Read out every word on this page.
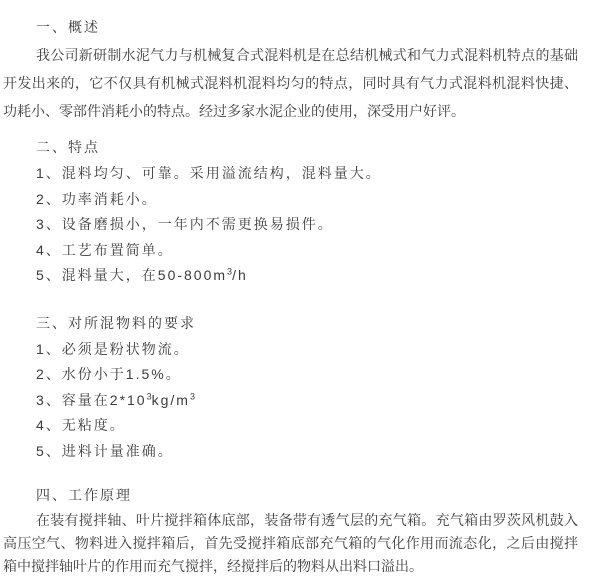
一、概述

我公司新研制水泥气力与机械复合式混料机是在总结机械式和气力式混料机特点的基础

开发出来的，它不仅具有机械式混料机混料均匀的特点，同时具有气力式混料机混料快捷、

功耗小、零部件消耗小的特点。经过多家水泥企业的使用，深受用户好评。

二、特点

1、混料均匀、可靠。采用溢流结构，混料量大。

2、功率消耗小。

3、设备磨损小，一年内不需更换易损件。

4、工艺布置简单。

5、混料量大，在$50-800m^3/h$

三、对所混物料的要求

1、必须是粉状物流。

2、水份小于1.5%。

3、容量在$2*10^3kg/m^3$

4、无粘度。

5、进料计量准确。

四、工作原理

在装有搅拌轴、叶片搅拌箱体底部，装备带有透气层的充气箱。充气箱由罗茨风机鼓入

高压空气、物料进入搅拌箱后，首先受搅拌箱底部充气箱的气化作用而流态化，之后由搅拌

箱中搅拌轴叶片的作用而充气搅拌，经搅拌后的物料从出料口溢出。
